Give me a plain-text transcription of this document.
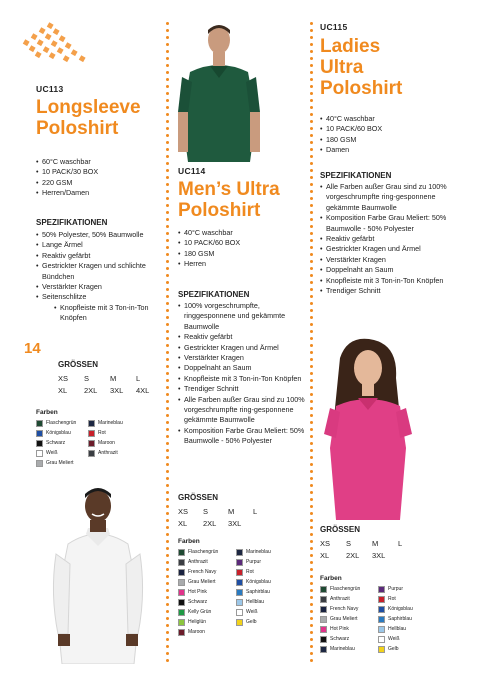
UC113
Longsleeve
Poloshirt
• 60°C waschbar
• 10 PACK/30 BOX
• 220 GSM
• Herren/Damen
SPEZIFIKATIONEN
• 50% Polyester, 50% Baumwolle
• Lange Ärmel
• Reaktiv gefärbt
• Gestrickter Kragen und schlichte Bündchen
• Verstärkter Kragen
• Seitenschlitze
• Knopfleiste mit 3 Ton-in-Ton Knöpfen
14
GRÖSSEN
XS	S	M	L
XL	2XL	3XL	4XL
Farben
Flaschengrün	Marineblau
Königsblau	Rot
Schwarz	Maroon
Weiß	Anthrazit
Grau Meliert
UC114
Men’s Ultra
Poloshirt
• 40°C waschbar
• 10 PACK/60 BOX
• 180 GSM
• Herren
SPEZIFIKATIONEN
• 100% vorgeschrumpfte, ringgesponnene und gekämmte Baumwolle
• Reaktiv gefärbt
• Gestrickter Kragen und Ärmel
• Verstärkter Kragen
• Doppelnaht an Saum
• Knopfleiste mit 3 Ton-in-Ton Knöpfen
• Trendiger Schnitt
• Alle Farben außer Grau sind zu 100% vorgeschrumpfte ring-gesponnene gekämmte Baumwolle
• Komposition Farbe Grau Meliert: 50% Baumwolle - 50% Polyester
GRÖSSEN
XS	S	M	L
XL	2XL	3XL
Farben
Flaschengrün	Marineblau
Anthrazit	Purpur
French Navy	Rot
Grau Meliert	Königsblau
Hot Pink	Saphirblau
Schwarz	Hellblau
Kelly Grün	Weiß
Heliglün	Gelb
Maroon
UC115
Ladies
Ultra
Poloshirt
• 40°C waschbar
• 10 PACK/60 BOX
• 180 GSM
• Damen
SPEZIFIKATIONEN
• Alle Farben außer Grau sind zu 100% vorgeschrumpfte ring-gesponnene gekämmte Baumwolle
• Komposition Farbe Grau Meliert: 50% Baumwolle - 50% Polyester
• Reaktiv gefärbt
• Gestrickter Kragen und Ärmel
• Verstärkter Kragen
• Doppelnaht an Saum
• Knopfleiste mit 3 Ton-in-Ton Knöpfen
• Trendiger Schnitt
GRÖSSEN
XS	S	M	L
XL	2XL	3XL
Farben
Flaschengrün	Purpur
Anthrazit	Rot
French Navy	Königsblau
Grau Meliert	Saphirblau
Hot Pink	Hellblau
Schwarz	Weiß
Marineblau	Gelb
